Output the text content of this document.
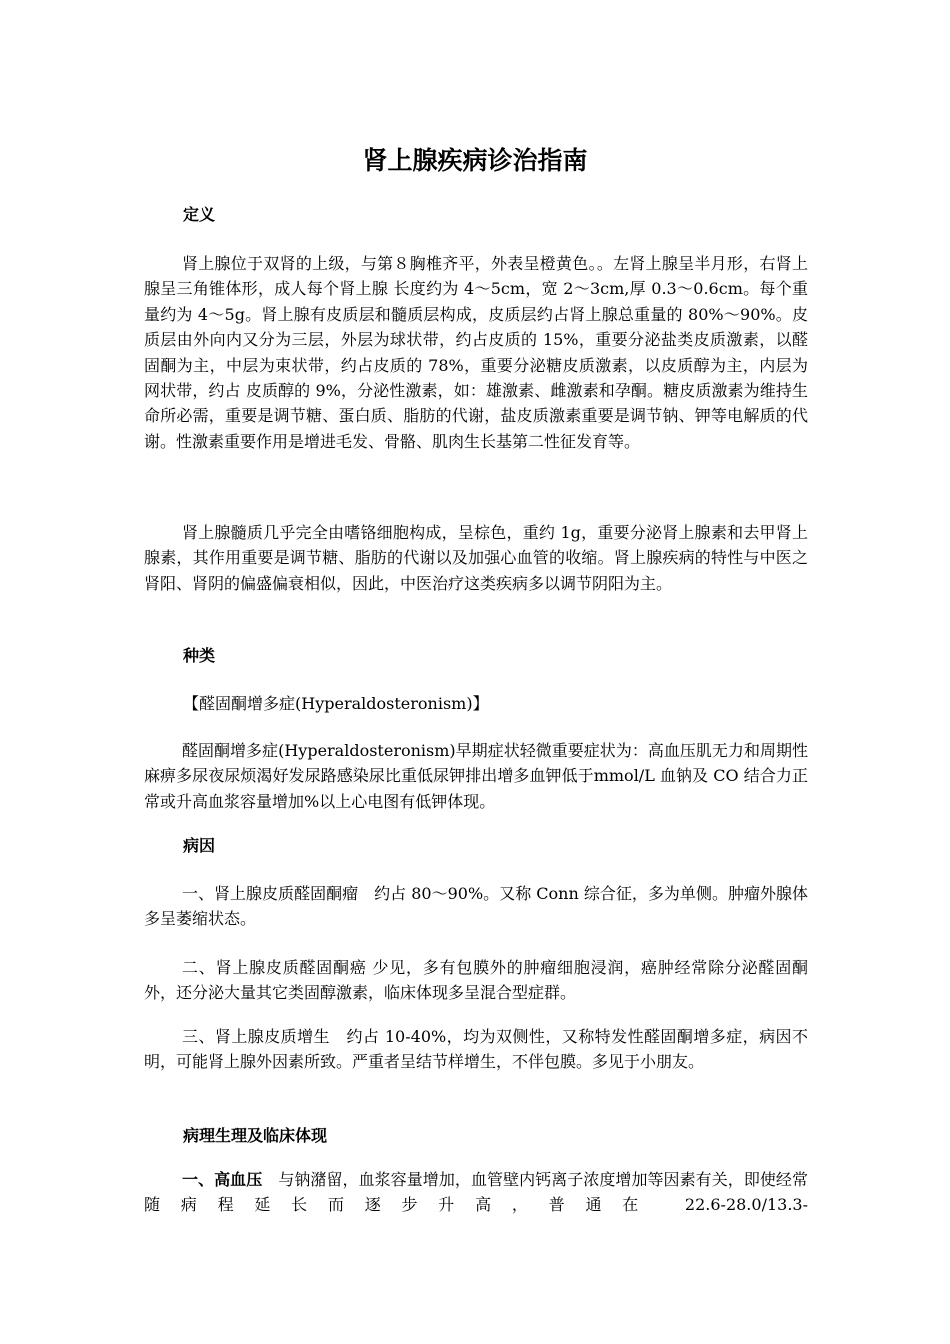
肾上腺疾病诊治指南
定义

肾上腺位于双肾的上级，与第８胸椎齐平，外表呈橙黄色。。左肾上腺呈半月形，右肾上腺呈三角锥体形，成人每个肾上腺 长度约为 4～5cm，宽 2～3cm,厚 0.3～0.6cm。每个重量约为 4～5g。肾上腺有皮质层和髓质层构成，皮质层约占肾上腺总重量的 80%～90%。皮质层由外向内又分为三层，外层为球状带，约占皮质的 15%，重要分泌盐类皮质激素，以醛固酮为主，中层为束状带，约占皮质的 78%，重要分泌糖皮质激素，以皮质醇为主，内层为网状带，约占 皮质醇的 9%，分泌性激素，如：雄激素、雌激素和孕酮。糖皮质激素为维持生命所必需，重要是调节糖、蛋白质、脂肪的代谢，盐皮质激素重要是调节钠、钾等电解质的代谢。性激素重要作用是增进毛发、骨骼、肌肉生长基第二性征发育等。

肾上腺髓质几乎完全由嗜铬细胞构成，呈棕色，重约 1g，重要分泌肾上腺素和去甲肾上腺素，其作用重要是调节糖、脂肪的代谢以及加强心血管的收缩。肾上腺疾病的特性与中医之肾阳、肾阴的偏盛偏衰相似，因此，中医治疗这类疾病多以调节阴阳为主。

种类

【醛固酮增多症(Hyperaldosteronism)】

醛固酮增多症(Hyperaldosteronism)早期症状轻微重要症状为：高血压肌无力和周期性麻痹多尿夜尿烦渴好发尿路感染尿比重低尿钾排出增多血钾低于mmol/L 血钠及 CO 结合力正常或升高血浆容量增加%以上心电图有低钾体现。

病因

一、肾上腺皮质醛固酮瘤　约占 80～90%。又称 Conn 综合征，多为单侧。肿瘤外腺体多呈萎缩状态。

二、肾上腺皮质醛固酮癌 少见，多有包膜外的肿瘤细胞浸润，癌肿经常除分泌醛固酮外，还分泌大量其它类固醇激素，临床体现多呈混合型症群。

三、肾上腺皮质增生　约占 10-40%，均为双侧性，又称特发性醛固酮增多症，病因不明，可能肾上腺外因素所致。严重者呈结节样增生，不伴包膜。多见于小朋友。

病理生理及临床体现

一、高血压　与钠潴留，血浆容量增加，血管壁内钙离子浓度增加等因素有关，即使经常随病程延长而逐步升高，普通在 22.6-28.0/13.3-
